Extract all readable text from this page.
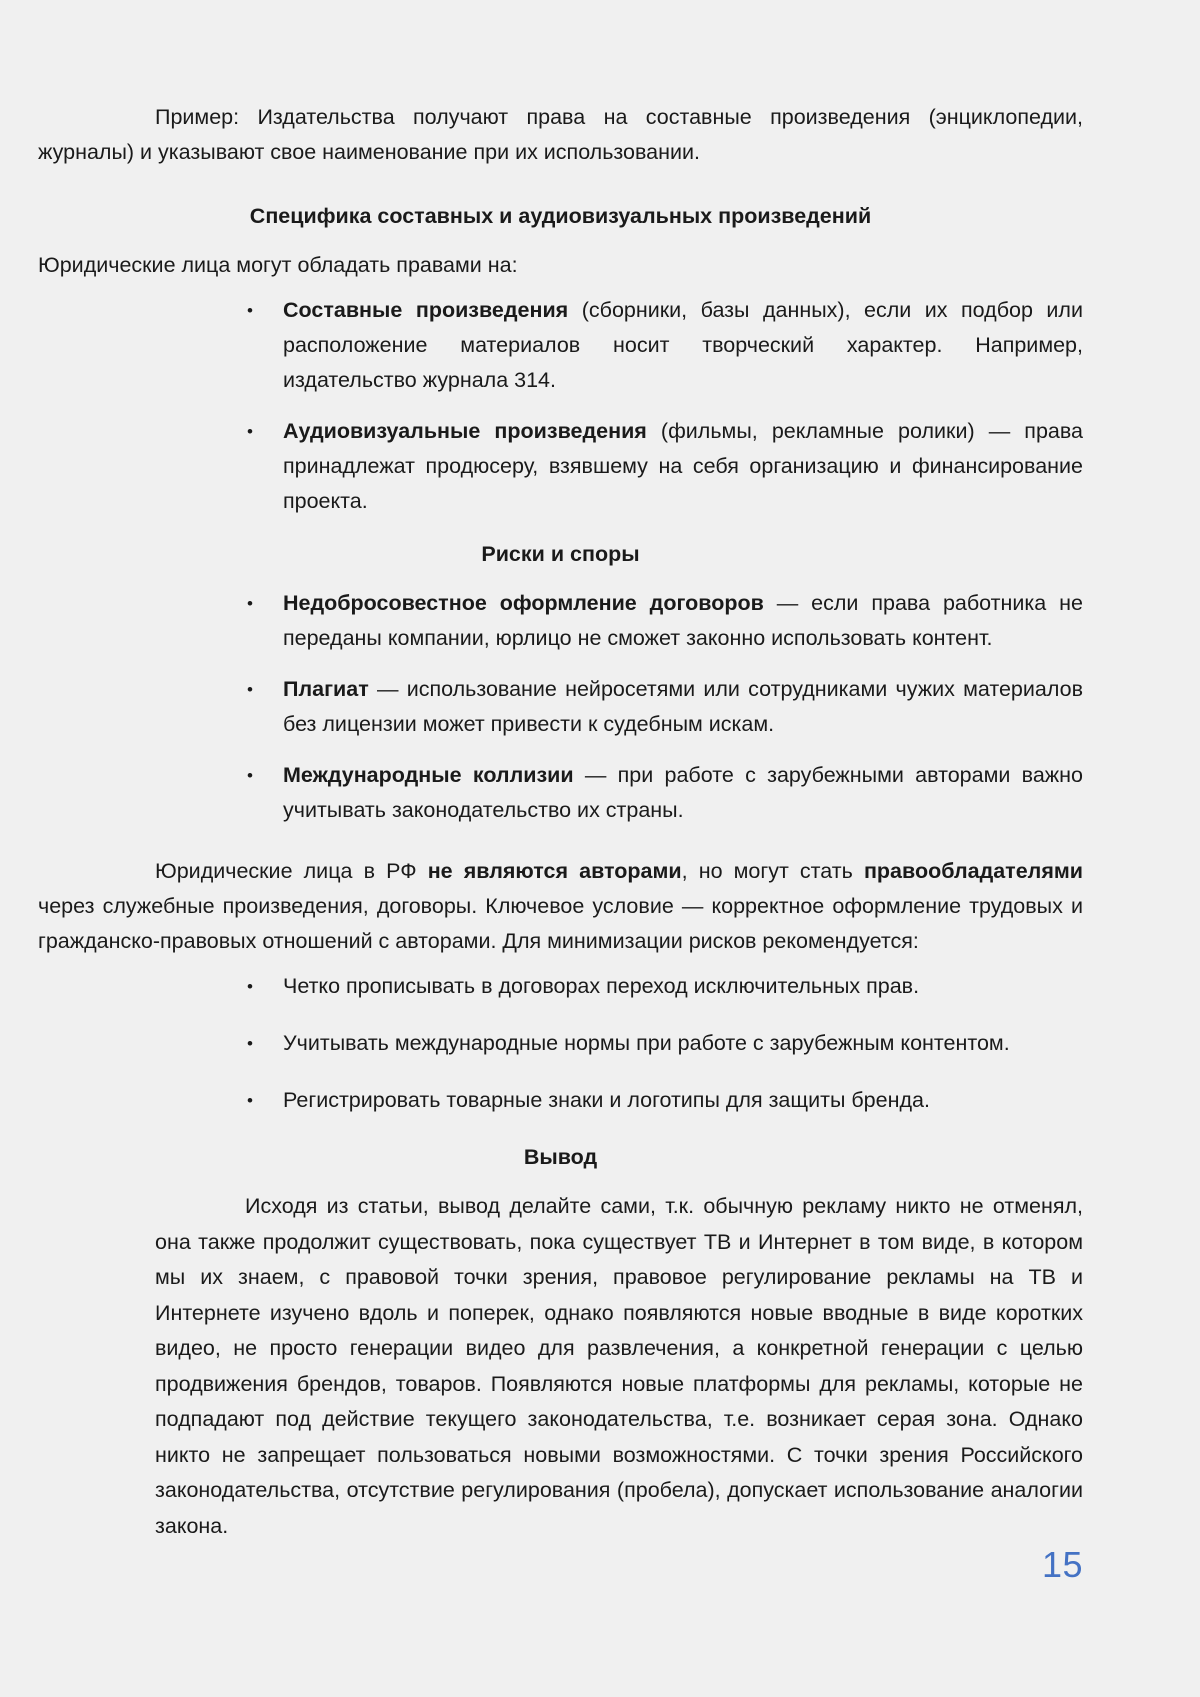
Пример: Издательства получают права на составные произведения (энциклопедии, журналы) и указывают свое наименование при их использовании.

Специфика составных и аудиовизуальных произведений

Юридические лица могут обладать правами на:

• Составные произведения (сборники, базы данных), если их подбор или расположение материалов носит творческий характер. Например, издательство журнала 314.
• Аудиовизуальные произведения (фильмы, рекламные ролики) — права принадлежат продюсеру, взявшему на себя организацию и финансирование проекта.
Риски и споры
• Недобросовестное оформление договоров — если права работника не переданы компании, юрлицо не сможет законно использовать контент.
• Плагиат — использование нейросетями или сотрудниками чужих материалов без лицензии может привести к судебным искам.
• Международные коллизии — при работе с зарубежными авторами важно учитывать законодательство их страны.

Юридические лица в РФ не являются авторами, но могут стать правообладателями через служебные произведения, договоры. Ключевое условие — корректное оформление трудовых и гражданско-правовых отношений с авторами. Для минимизации рисков рекомендуется:

• Четко прописывать в договорах переход исключительных прав.
• Учитывать международные нормы при работе с зарубежным контентом.
• Регистрировать товарные знаки и логотипы для защиты бренда.
Вывод

Исходя из статьи, вывод делайте сами, т.к. обычную рекламу никто не отменял, она также продолжит существовать, пока существует ТВ и Интернет в том виде, в котором мы их знаем, с правовой точки зрения, правовое регулирование рекламы на ТВ и Интернете изучено вдоль и поперек, однако появляются новые вводные в виде коротких видео, не просто генерации видео для развлечения, а конкретной генерации с целью продвижения брендов, товаров. Появляются новые платформы для рекламы, которые не подпадают под действие текущего законодательства, т.е. возникает серая зона. Однако никто не запрещает пользоваться новыми возможностями. С точки зрения Российского законодательства, отсутствие регулирования (пробела), допускает использование аналогии закона.

15
